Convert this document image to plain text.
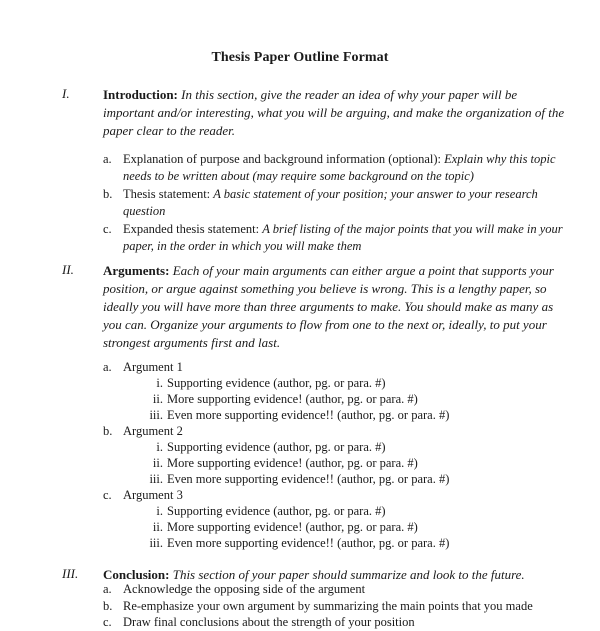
Thesis Paper Outline Format
I.	Introduction: In this section, give the reader an idea of why your paper will be important and/or interesting, what you will be arguing, and make the organization of the paper clear to the reader.
a. Explanation of purpose and background information (optional): Explain why this topic needs to be written about (may require some background on the topic)
b. Thesis statement: A basic statement of your position; your answer to your research question
c. Expanded thesis statement: A brief listing of the major points that you will make in your paper, in the order in which you will make them
II. Arguments: Each of your main arguments can either argue a point that supports your position, or argue against something you believe is wrong. This is a lengthy paper, so ideally you will have more than three arguments to make. You should make as many as you can. Organize your arguments to flow from one to the next or, ideally, to put your strongest arguments first and last.
a. Argument 1
i. Supporting evidence (author, pg. or para. #)
ii. More supporting evidence! (author, pg. or para. #)
iii. Even more supporting evidence!! (author, pg. or para. #)
b. Argument 2
i. Supporting evidence (author, pg. or para. #)
ii. More supporting evidence! (author, pg. or para. #)
iii. Even more supporting evidence!! (author, pg. or para. #)
c. Argument 3
i. Supporting evidence (author, pg. or para. #)
ii. More supporting evidence! (author, pg. or para. #)
iii. Even more supporting evidence!! (author, pg. or para. #)
III. Conclusion: This section of your paper should summarize and look to the future.
a. Acknowledge the opposing side of the argument
b. Re-emphasize your own argument by summarizing the main points that you made
c. Draw final conclusions about the strength of your position
